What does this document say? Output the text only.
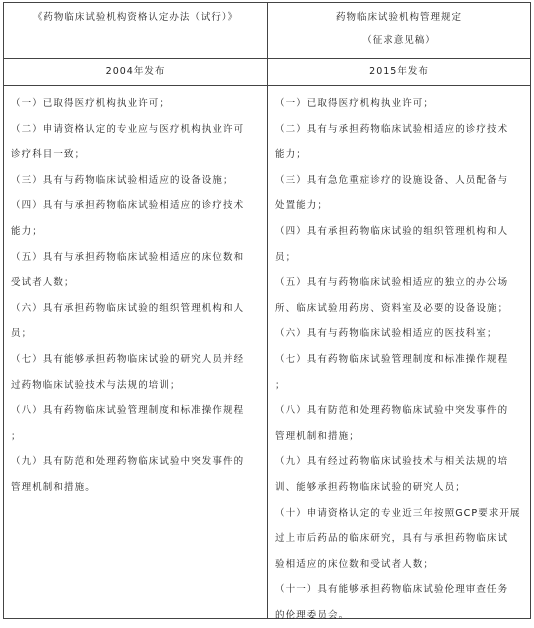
《药物临床试验机构资格认定办法（试行）》	药物临床试验机构管理规定
（征求意见稿）
2004年发布	2015年发布

（一）已取得医疗机构执业许可；

（二）申请资格认定的专业应与医疗机构执业许可
诊疗科目一致；

（三）具有与药物临床试验相适应的设备设施；

（四）具有与承担药物临床试验相适应的诊疗技术
能力；

（五）具有与承担药物临床试验相适应的床位数和
受试者人数；

（六）具有承担药物临床试验的组织管理机构和人
员；

（七）具有能够承担药物临床试验的研究人员并经
过药物临床试验技术与法规的培训；

（八）具有药物临床试验管理制度和标准操作规程
；

（九）具有防范和处理药物临床试验中突发事件的
管理机制和措施。

（一）已取得医疗机构执业许可；

（二）具有与承担药物临床试验相适应的诊疗技术
能力；

（三）具有急危重症诊疗的设施设备、人员配备与
处置能力；

（四）具有承担药物临床试验的组织管理机构和人
员；

（五）具有与药物临床试验相适应的独立的办公场
所、临床试验用药房、资料室及必要的设备设施；

（六）具有与药物临床试验相适应的医技科室；

（七）具有药物临床试验管理制度和标准操作规程
；

（八）具有防范和处理药物临床试验中突发事件的
管理机制和措施；

（九）具有经过药物临床试验技术与相关法规的培
训、能够承担药物临床试验的研究人员；

（十）申请资格认定的专业近三年按照GCP要求开展
过上市后药品的临床研究，具有与承担药物临床试
验相适应的床位数和受试者人数；

（十一）具有能够承担药物临床试验伦理审查任务
的伦理委员会。
